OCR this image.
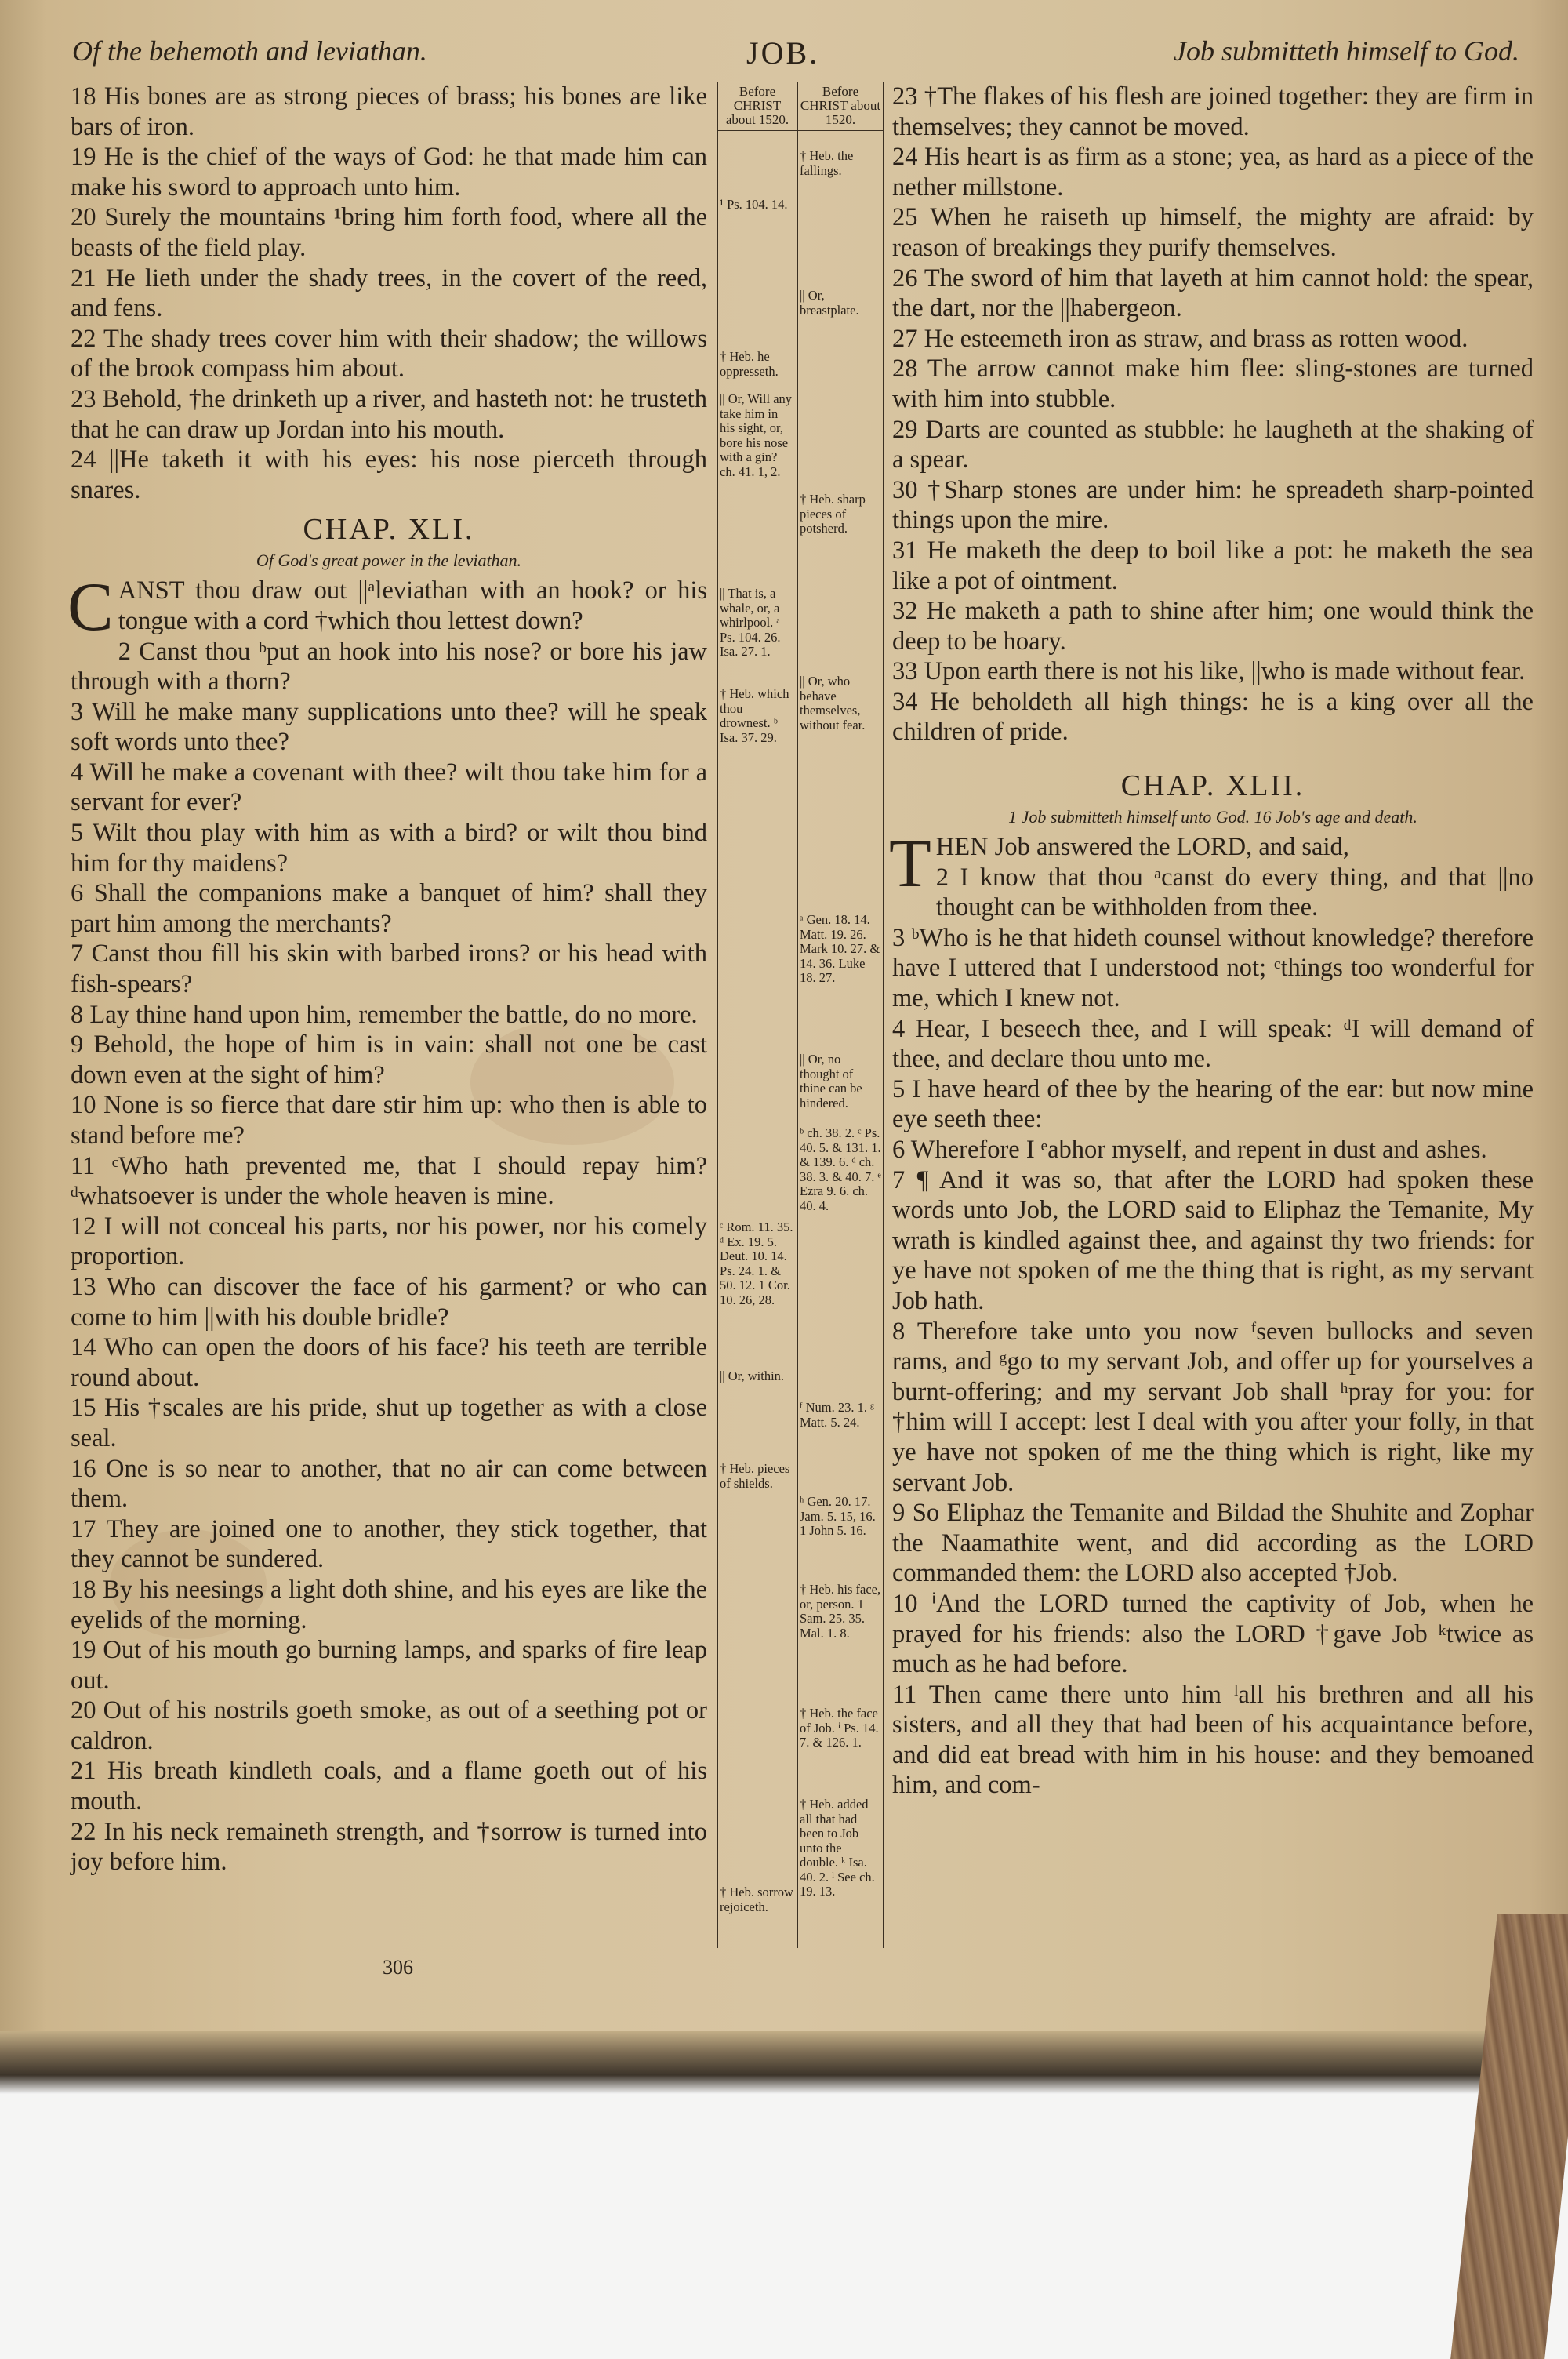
Of the behemoth and leviathan.	JOB.	Job submitteth himself to God.
Before CHRIST about 1520.
Before CHRIST about 1520.

18 His bones are as strong pieces of brass; his bones are like bars of iron.

19 He is the chief of the ways of God: he that made him can make his sword to approach unto him.

20 Surely the mountains ¹bring him forth food, where all the beasts of the field play.

21 He lieth under the shady trees, in the covert of the reed, and fens.

22 The shady trees cover him with their shadow; the willows of the brook compass him about.

23 Behold, †he drinketh up a river, and hasteth not: he trusteth that he can draw up Jordan into his mouth.

24 ||He taketh it with his eyes: his nose pierceth through snares.

CHAP. XLI.
Of God's great power in the leviathan.

CANST thou draw out ||ᵃleviathan with an hook? or his tongue with a cord †which thou lettest down?

2 Canst thou ᵇput an hook into his nose? or bore his jaw through with a thorn?

3 Will he make many supplications unto thee? will he speak soft words unto thee?

4 Will he make a covenant with thee? wilt thou take him for a servant for ever?

5 Wilt thou play with him as with a bird? or wilt thou bind him for thy maidens?

6 Shall the companions make a banquet of him? shall they part him among the merchants?

7 Canst thou fill his skin with barbed irons? or his head with fish-spears?

8 Lay thine hand upon him, remember the battle, do no more.

9 Behold, the hope of him is in vain: shall not one be cast down even at the sight of him?

10 None is so fierce that dare stir him up: who then is able to stand before me?

11 ᶜWho hath prevented me, that I should repay him? ᵈwhatsoever is under the whole heaven is mine.

12 I will not conceal his parts, nor his power, nor his comely proportion.

13 Who can discover the face of his garment? or who can come to him ||with his double bridle?

14 Who can open the doors of his face? his teeth are terrible round about.

15 His †scales are his pride, shut up together as with a close seal.

16 One is so near to another, that no air can come between them.

17 They are joined one to another, they stick together, that they cannot be sundered.

18 By his neesings a light doth shine, and his eyes are like the eyelids of the morning.

19 Out of his mouth go burning lamps, and sparks of fire leap out.

20 Out of his nostrils goeth smoke, as out of a seething pot or caldron.

21 His breath kindleth coals, and a flame goeth out of his mouth.

22 In his neck remaineth strength, and †sorrow is turned into joy before him.

¹ Ps. 104. 14.
† Heb. he oppresseth.
|| Or, Will any take him in his sight, or, bore his nose with a gin? ch. 41. 1, 2.
|| That is, a whale, or, a whirlpool. ᵃ Ps. 104. 26. Isa. 27. 1.
† Heb. which thou drownest. ᵇ Isa. 37. 29.
ᶜ Rom. 11. 35. ᵈ Ex. 19. 5. Deut. 10. 14. Ps. 24. 1. & 50. 12. 1 Cor. 10. 26, 28.
|| Or, within.
† Heb. pieces of shields.
† Heb. sorrow rejoiceth.
† Heb. the fallings.
|| Or, breastplate.
† Heb. sharp pieces of potsherd.
|| Or, who behave themselves, without fear.
ᵃ Gen. 18. 14. Matt. 19. 26. Mark 10. 27. & 14. 36. Luke 18. 27.
|| Or, no thought of thine can be hindered.
ᵇ ch. 38. 2. ᶜ Ps. 40. 5. & 131. 1. & 139. 6. ᵈ ch. 38. 3. & 40. 7. ᵉ Ezra 9. 6. ch. 40. 4.
ᶠ Num. 23. 1. ᵍ Matt. 5. 24.
ʰ Gen. 20. 17. Jam. 5. 15, 16. 1 John 5. 16.
† Heb. his face, or, person. 1 Sam. 25. 35. Mal. 1. 8.
† Heb. the face of Job. ⁱ Ps. 14. 7. & 126. 1.
† Heb. added all that had been to Job unto the double. ᵏ Isa. 40. 2. ˡ See ch. 19. 13.

23 †The flakes of his flesh are joined together: they are firm in themselves; they cannot be moved.

24 His heart is as firm as a stone; yea, as hard as a piece of the nether millstone.

25 When he raiseth up himself, the mighty are afraid: by reason of breakings they purify themselves.

26 The sword of him that layeth at him cannot hold: the spear, the dart, nor the ||habergeon.

27 He esteemeth iron as straw, and brass as rotten wood.

28 The arrow cannot make him flee: sling-stones are turned with him into stubble.

29 Darts are counted as stubble: he laugheth at the shaking of a spear.

30 †Sharp stones are under him: he spreadeth sharp-pointed things upon the mire.

31 He maketh the deep to boil like a pot: he maketh the sea like a pot of ointment.

32 He maketh a path to shine after him; one would think the deep to be hoary.

33 Upon earth there is not his like, ||who is made without fear.

34 He beholdeth all high things: he is a king over all the children of pride.

CHAP. XLII.
1 Job submitteth himself unto God. 16 Job's age and death.

THEN Job answered the LORD, and said,

2 I know that thou ᵃcanst do every thing, and that ||no thought can be withholden from thee.

3 ᵇWho is he that hideth counsel without knowledge? therefore have I uttered that I understood not; ᶜthings too wonderful for me, which I knew not.

4 Hear, I beseech thee, and I will speak: ᵈI will demand of thee, and declare thou unto me.

5 I have heard of thee by the hearing of the ear: but now mine eye seeth thee:

6 Wherefore I ᵉabhor myself, and repent in dust and ashes.

7 ¶ And it was so, that after the LORD had spoken these words unto Job, the LORD said to Eliphaz the Temanite, My wrath is kindled against thee, and against thy two friends: for ye have not spoken of me the thing that is right, as my servant Job hath.

8 Therefore take unto you now ᶠseven bullocks and seven rams, and ᵍgo to my servant Job, and offer up for yourselves a burnt-offering; and my servant Job shall ʰpray for you: for †him will I accept: lest I deal with you after your folly, in that ye have not spoken of me the thing which is right, like my servant Job.

9 So Eliphaz the Temanite and Bildad the Shuhite and Zophar the Naamathite went, and did according as the LORD commanded them: the LORD also accepted †Job.

10 ⁱAnd the LORD turned the captivity of Job, when he prayed for his friends: also the LORD †gave Job ᵏtwice as much as he had before.

11 Then came there unto him ˡall his brethren and all his sisters, and all they that had been of his acquaintance before, and did eat bread with him in his house: and they bemoaned him, and com-

306
